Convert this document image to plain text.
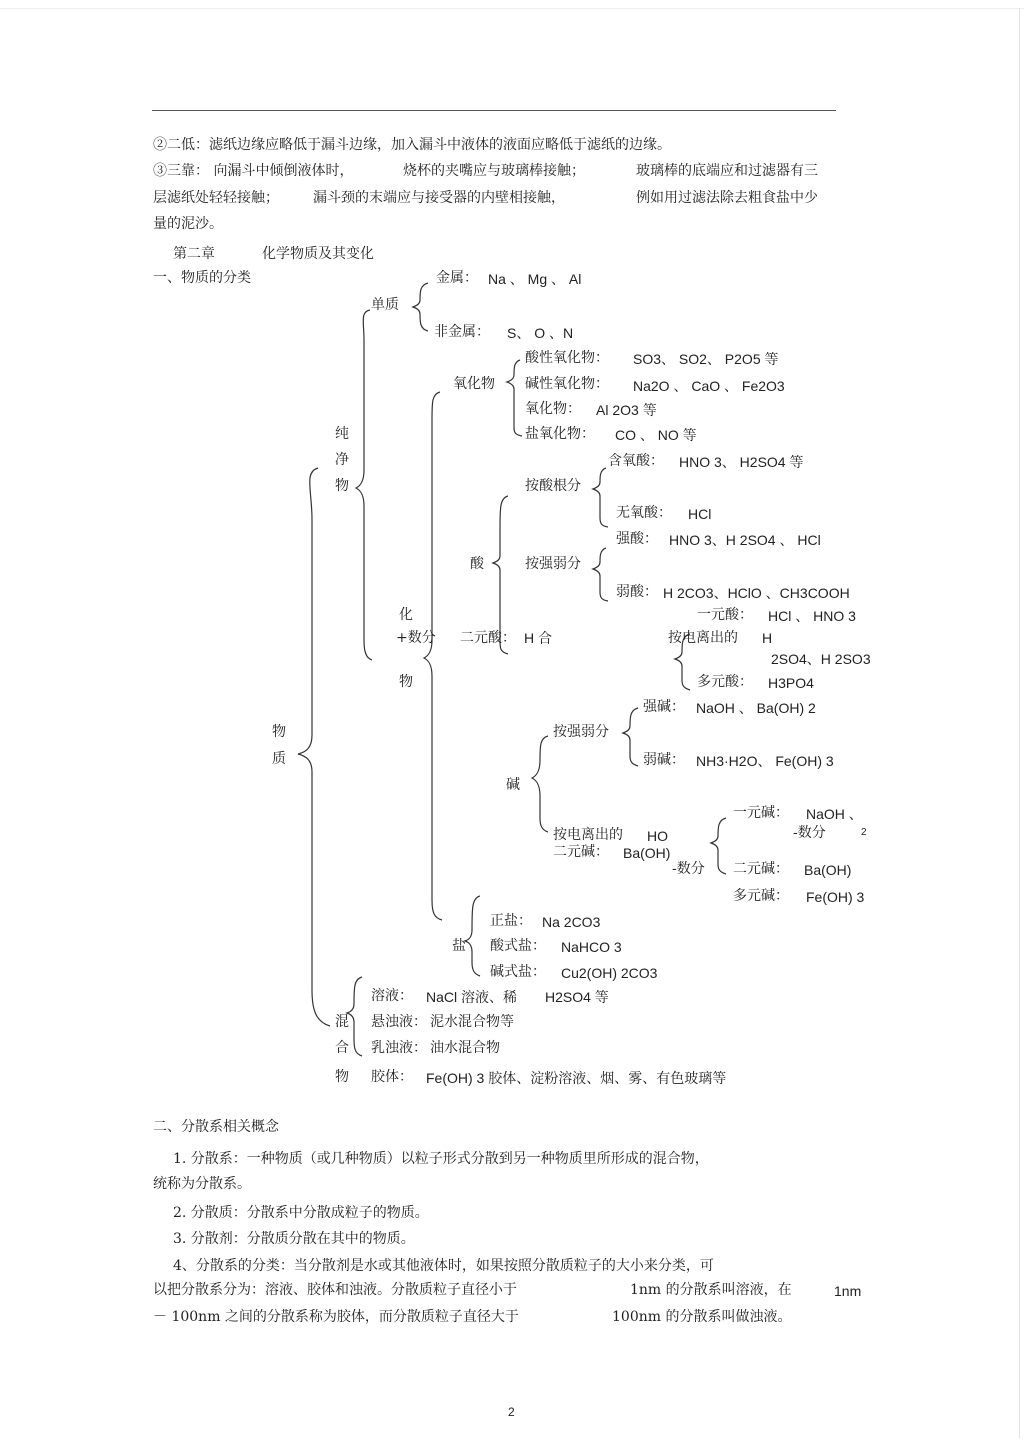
②二低：滤纸边缘应略低于漏斗边缘，加入漏斗中液体的液面应略低于滤纸的边缘。
③三靠： 向漏斗中倾倒液体时，	烧杯的夹嘴应与玻璃棒接触；	玻璃棒的底端应和过滤器有三
层滤纸处轻轻接触； 漏斗颈的末端应与接受器的内壁相接触，	例如用过滤法除去粗食盐中少
量的泥沙。
第二章	化学物质及其变化
一、物质的分类
物
质
纯
净
物
单质
金属： Na 、 Mg 、 Al
非金属： S、 O 、N
氧化物
酸性氧化物： SO3、 SO2、 P2O5 等
碱性氧化物： Na2O 、 CaO 、 Fe2O3
氧化物： Al 2O3 等
盐氧化物： CO 、 NO 等
含氧酸： HNO 3、 H2SO4 等
按酸根分
无氧酸： HCl
强酸： HNO 3、H 2SO4 、 HCl
酸	按强弱分
弱酸： H 2CO3、HClO 、CH3COOH
化	一元酸： HCl 、 HNO 3
+数分 二元酸： H 合	按电离出的 H
2SO4、H 2SO3
物	多元酸： H3PO4
强碱： NaOH 、 Ba(OH) 2
按强弱分
弱碱： NH3·H2O、 Fe(OH) 3
碱
一元碱： NaOH 、
-数分	2
按电离出的 HO
二元碱： Ba(OH)
-数分 二元碱： Ba(OH)
多元碱： Fe(OH) 3
正盐： Na 2CO3
盐 酸式盐： NaHCO 3
碱式盐： Cu2(OH) 2CO3
溶液： NaCl 溶液、稀 H2SO4 等
混 悬浊液： 泥水混合物等
合 乳浊液： 油水混合物
物 胶体： Fe(OH) 3 胶体、淀粉溶液、烟、雾、有色玻璃等
二、分散系相关概念
1. 分散系：一种物质（或几种物质）以粒子形式分散到另一种物质里所形成的混合物，
统称为分散系。
2. 分散质：分散系中分散成粒子的物质。
3. 分散剂：分散质分散在其中的物质。
4、分散系的分类：当分散剂是水或其他液体时，如果按照分散质粒子的大小来分类，可
以把分散系分为：溶液、胶体和浊液。分散质粒子直径小于	1nm 的分散系叫溶液，在	1nm
－ 100nm 之间的分散系称为胶体，而分散质粒子直径大于	100nm 的分散系叫做浊液。
2
